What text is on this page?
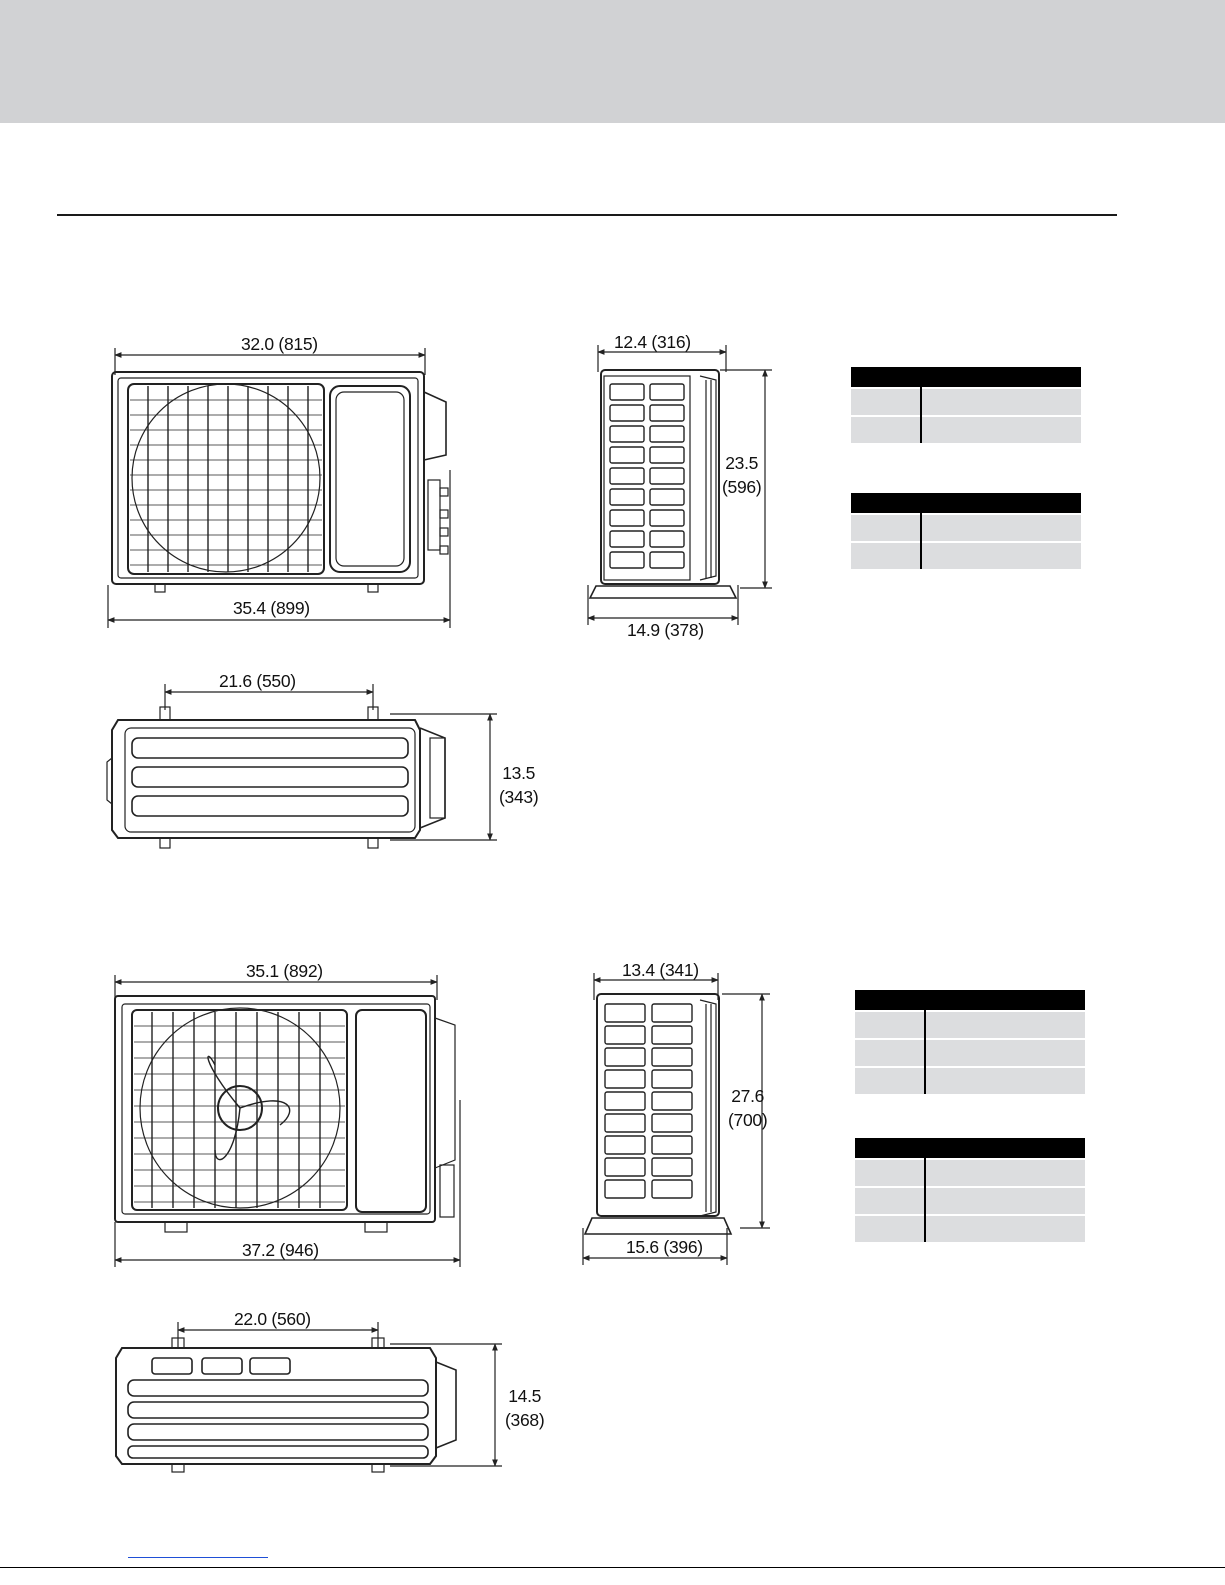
32.0 (815)
35.4 (899)
12.4 (316)
23.5
(596)
14.9 (378)
21.6 (550)
13.5
(343)
35.1 (892)
37.2 (946)
13.4 (341)
27.6
(700)
15.6 (396)
22.0 (560)
14.5
(368)
